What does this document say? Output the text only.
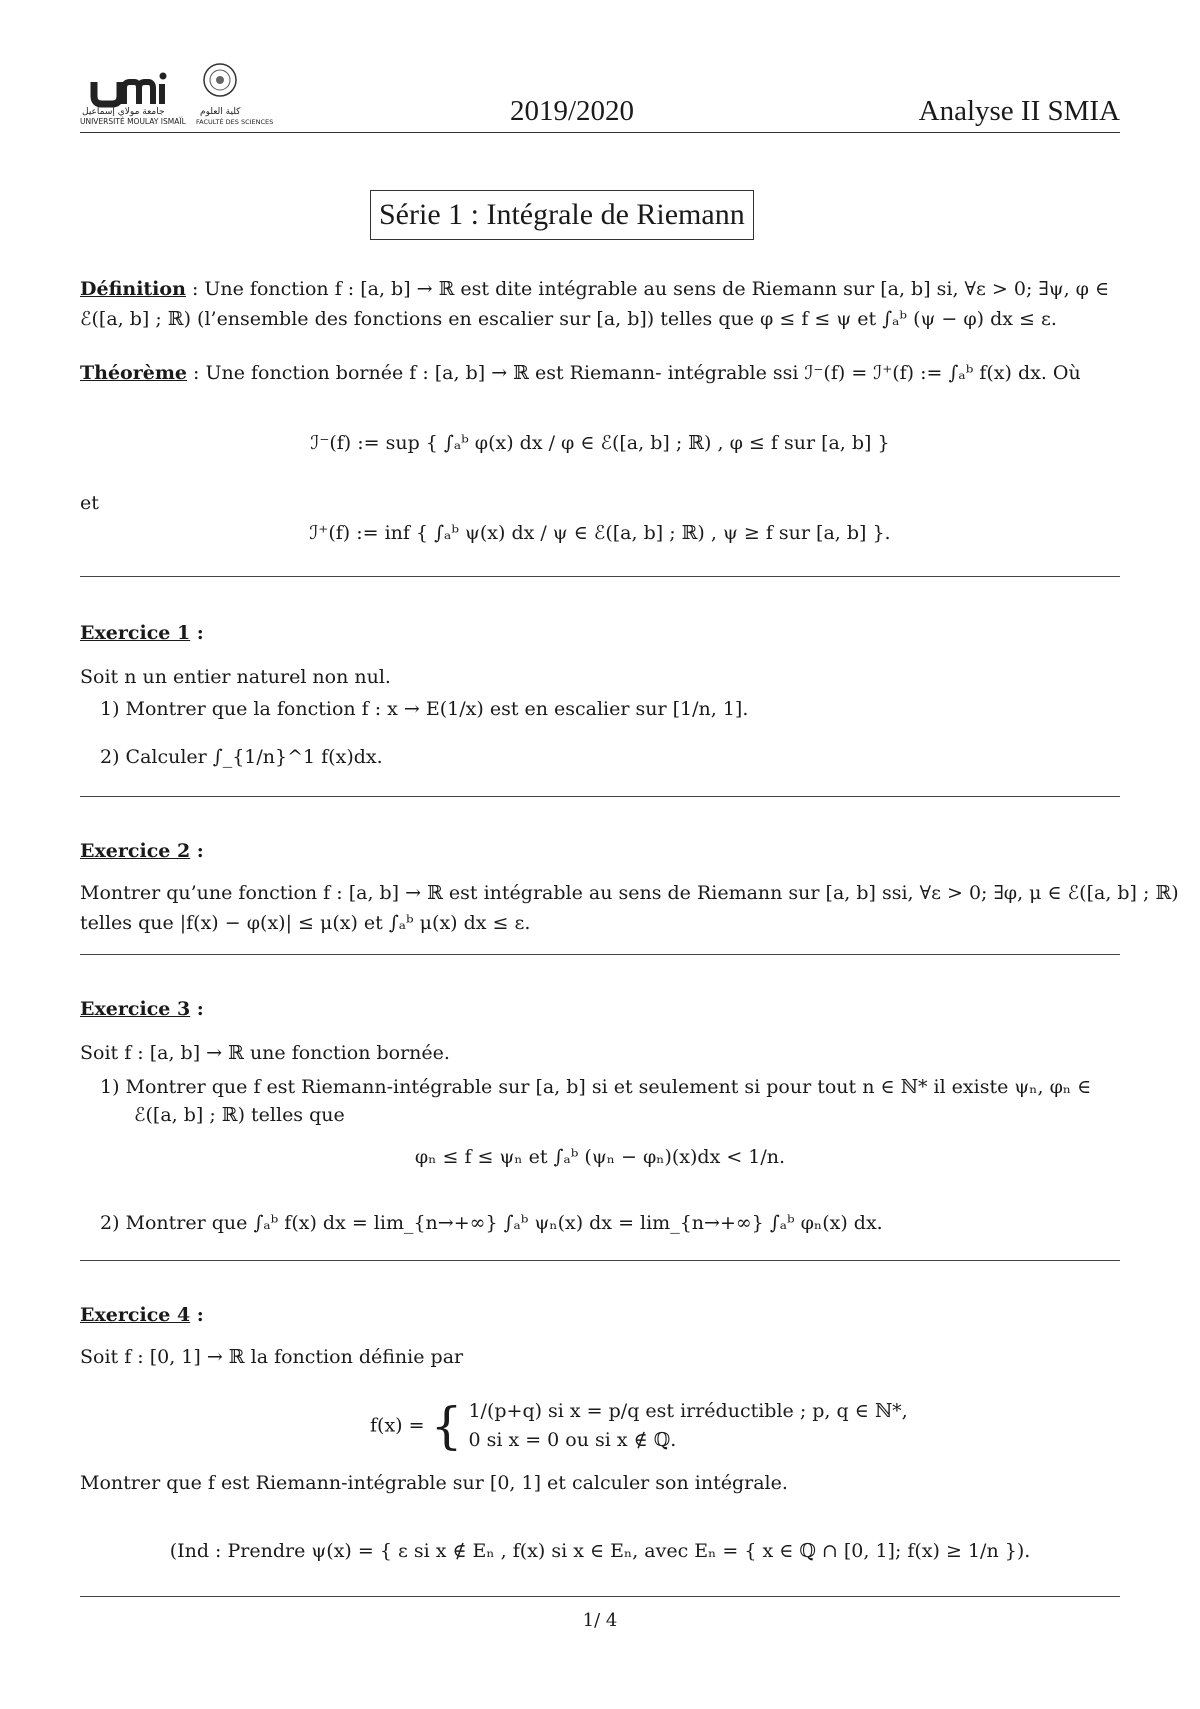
جامعة مولاي إسماعيل
UNIVERSITÉ MOULAY ISMAÏL
كلية العلوم
FACULTÉ DES SCIENCES	2019/2020	Analyse II SMIA
Série 1 : Intégrale de Riemann
Définition : Une fonction f : [a, b] → ℝ est dite intégrable au sens de Riemann sur [a, b] si, ∀ε > 0; ∃ψ, φ ∈
ℰ([a, b] ; ℝ) (l’ensemble des fonctions en escalier sur [a, b]) telles que φ ≤ f ≤ ψ et ∫ₐᵇ (ψ − φ) dx ≤ ε.
Théorème : Une fonction bornée f : [a, b] → ℝ est Riemann- intégrable ssi ℐ⁻(f) = ℐ⁺(f) := ∫ₐᵇ f(x) dx. Où
ℐ⁻(f) := sup { ∫ₐᵇ φ(x) dx / φ ∈ ℰ([a, b] ; ℝ) , φ ≤ f sur [a, b] }
et
ℐ⁺(f) := inf { ∫ₐᵇ ψ(x) dx / ψ ∈ ℰ([a, b] ; ℝ) , ψ ≥ f sur [a, b] }.
Exercice 1 :
Soit n un entier naturel non nul.
1) Montrer que la fonction f : x → E(1/x) est en escalier sur [1/n, 1].
2) Calculer ∫_{1/n}^1 f(x)dx.
Exercice 2 :
Montrer qu’une fonction f : [a, b] → ℝ est intégrable au sens de Riemann sur [a, b] ssi, ∀ε > 0; ∃φ, μ ∈ ℰ([a, b] ; ℝ)
telles que |f(x) − φ(x)| ≤ μ(x) et ∫ₐᵇ μ(x) dx ≤ ε.
Exercice 3 :
Soit f : [a, b] → ℝ une fonction bornée.
1) Montrer que f est Riemann-intégrable sur [a, b] si et seulement si pour tout n ∈ ℕ* il existe ψₙ, φₙ ∈
ℰ([a, b] ; ℝ) telles que
φₙ ≤ f ≤ ψₙ et ∫ₐᵇ (ψₙ − φₙ)(x)dx < 1/n.
2) Montrer que ∫ₐᵇ f(x) dx = lim_{n→+∞} ∫ₐᵇ ψₙ(x) dx = lim_{n→+∞} ∫ₐᵇ φₙ(x) dx.
Exercice 4 :
Soit f : [0, 1] → ℝ la fonction définie par
f(x) = { 1/(p+q) si x = p/q est irréductible ; p, q ∈ ℕ*,
0 si x = 0 ou si x ∉ ℚ.
Montrer que f est Riemann-intégrable sur [0, 1] et calculer son intégrale.
(Ind : Prendre ψ(x) = { ε si x ∉ Eₙ , f(x) si x ∈ Eₙ, avec Eₙ = { x ∈ ℚ ∩ [0, 1]; f(x) ≥ 1/n }).
1/ 4
